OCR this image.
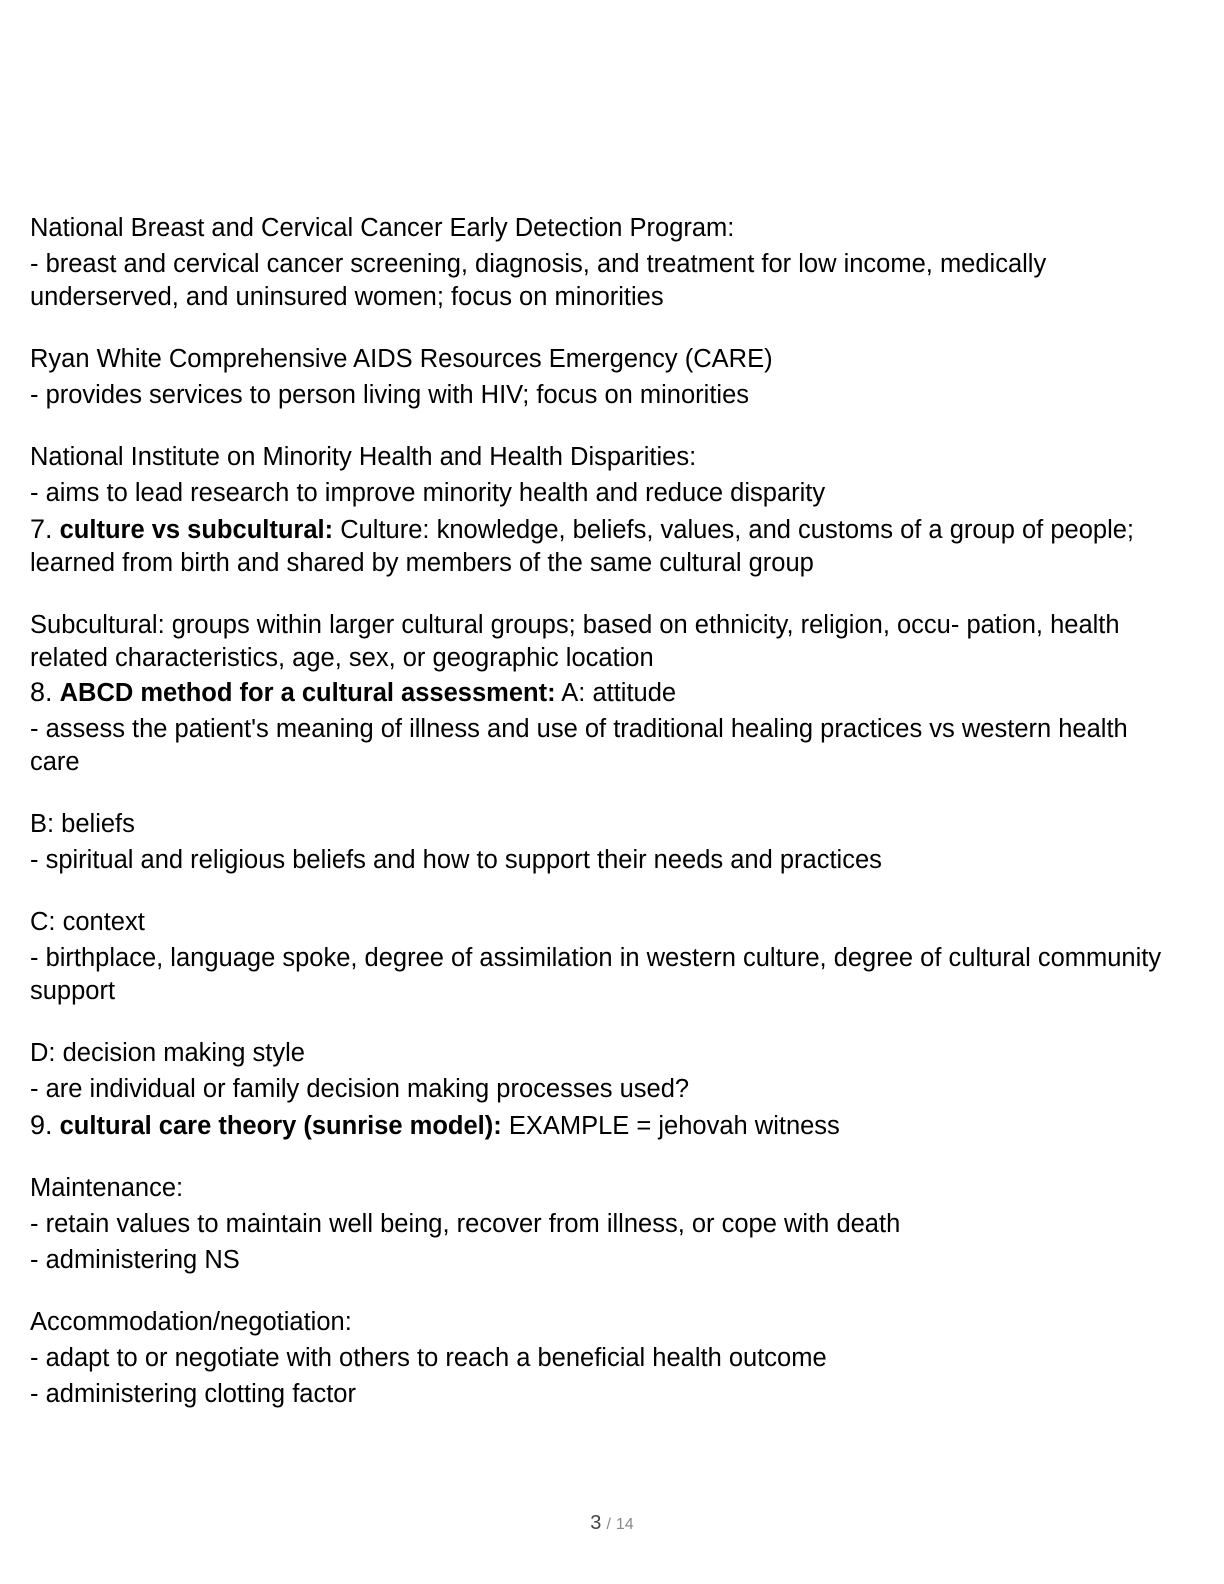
National Breast and Cervical Cancer Early Detection Program:
- breast and cervical cancer screening, diagnosis, and treatment for low income, medically underserved, and uninsured women; focus on minorities
Ryan White Comprehensive AIDS Resources Emergency (CARE)
- provides services to person living with HIV; focus on minorities
National Institute on Minority Health and Health Disparities:
- aims to lead research to improve minority health and reduce disparity
7. culture vs subcultural: Culture: knowledge, beliefs, values, and customs of a group of people; learned from birth and shared by members of the same cultural group
Subcultural: groups within larger cultural groups; based on ethnicity, religion, occu- pation, health related characteristics, age, sex, or geographic location
8. ABCD method for a cultural assessment: A: attitude
- assess the patient's meaning of illness and use of traditional healing practices vs western health care
B: beliefs
- spiritual and religious beliefs and how to support their needs and practices
C: context
- birthplace, language spoke, degree of assimilation in western culture, degree of cultural community support
D: decision making style
- are individual or family decision making processes used?
9. cultural care theory (sunrise model): EXAMPLE = jehovah witness
Maintenance:
- retain values to maintain well being, recover from illness, or cope with death
- administering NS
Accommodation/negotiation:
- adapt to or negotiate with others to reach a beneficial health outcome
- administering clotting factor
3 / 14
